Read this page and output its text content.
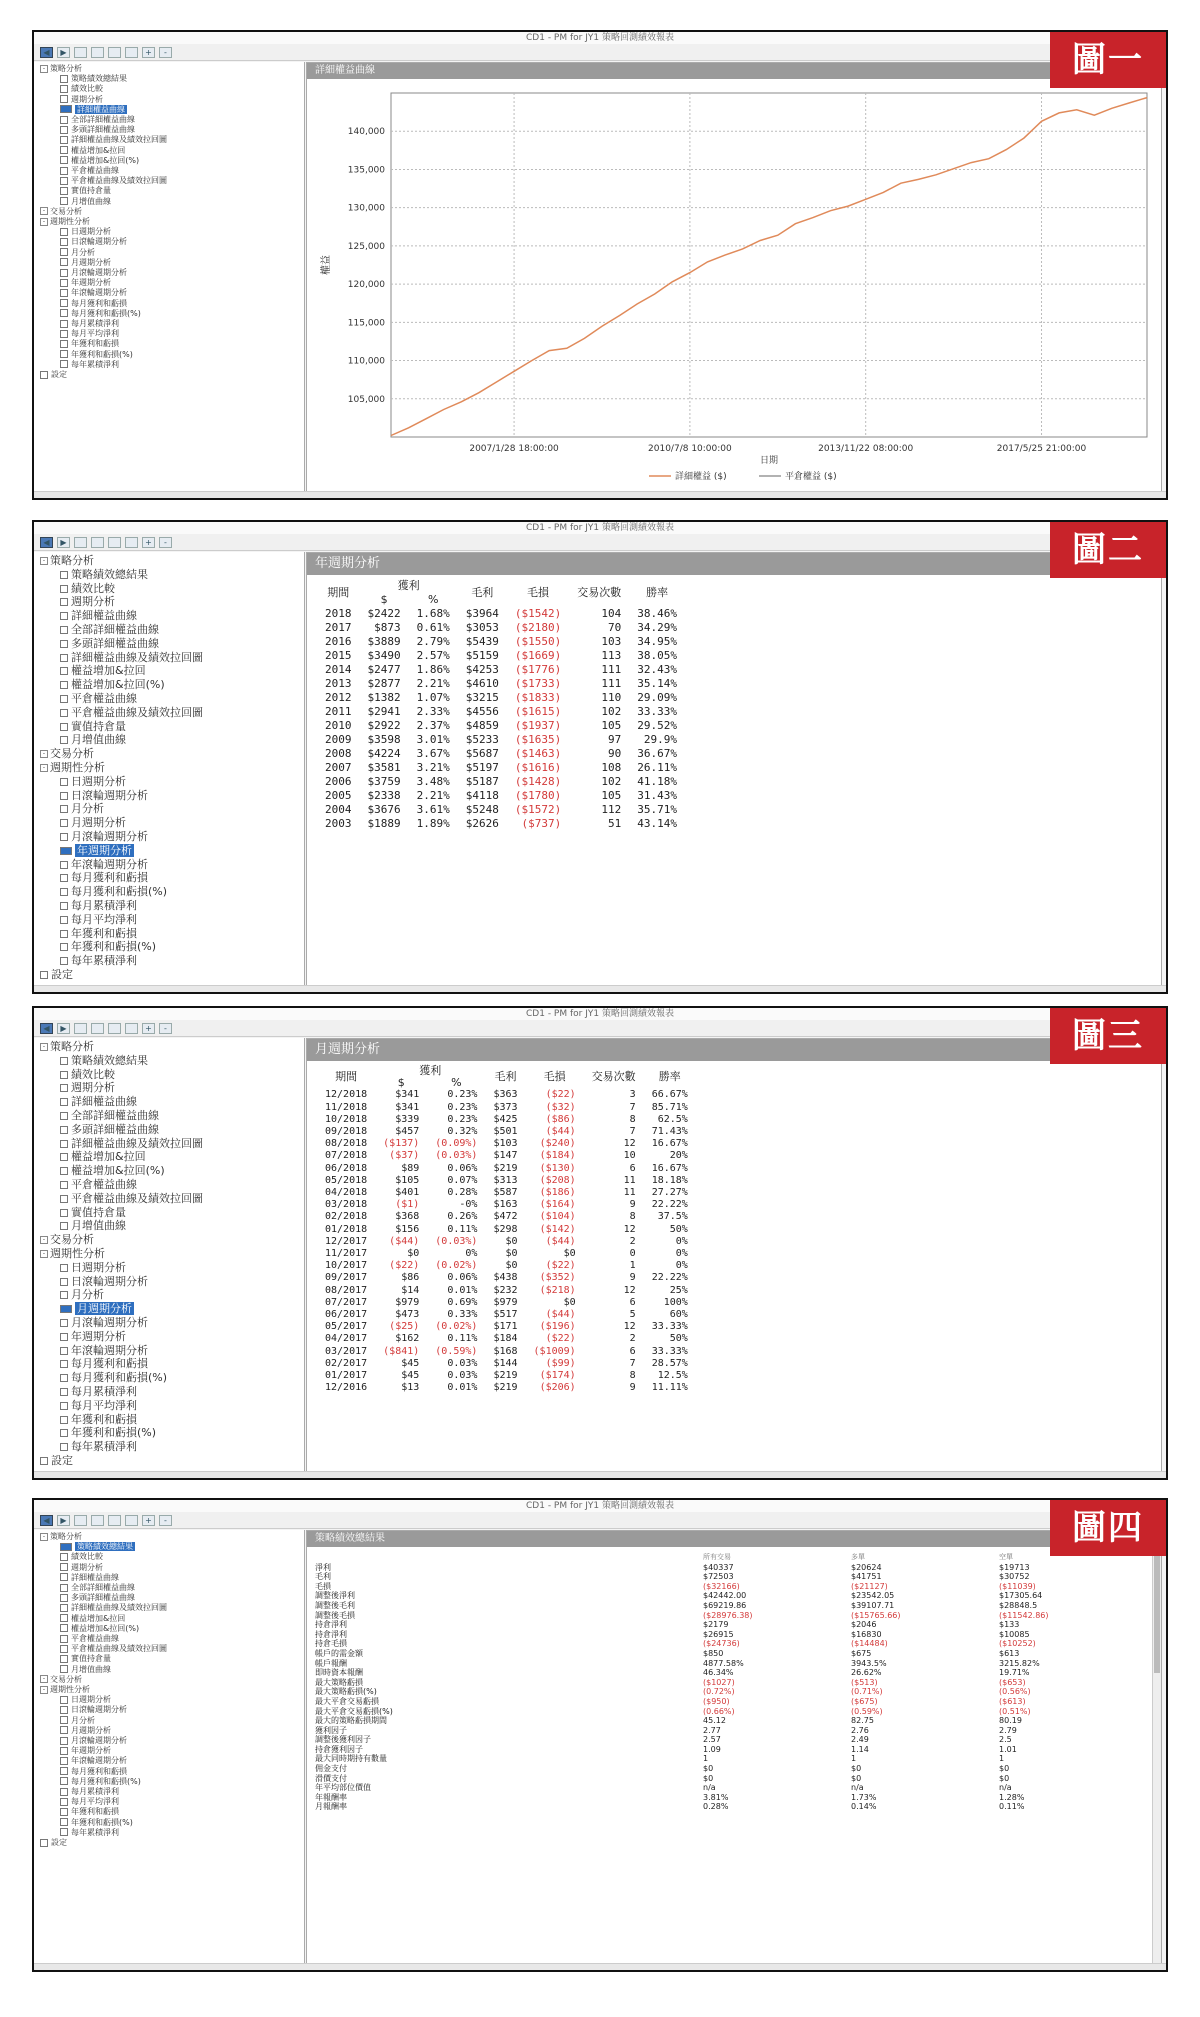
CD1 - PM for JY1 策略回測績效報表
◀	▶	+	-
- 策略分析
策略績效總結果
績效比較
週期分析
詳細權益曲線
全部詳細權益曲線
多頭詳細權益曲線
詳細權益曲線及績效拉回圖
權益增加&拉回
權益增加&拉回(%)
平倉權益曲線
平倉權益曲線及績效拉回圖
實值持倉量
月增值曲線
- 交易分析
- 週期性分析
日週期分析
日滾輪週期分析
月分析
月週期分析
月滾輪週期分析
年週期分析
年滾輪週期分析
每月獲利和虧損
每月獲利和虧損(%)
每月累積淨利
每月平均淨利
年獲利和虧損
年獲利和虧損(%)
每年累積淨利
設定
詳細權益曲線
105,000
110,000
115,000
120,000
125,000
130,000
135,000
140,000
2007/1/28 18:00:00	2010/7/8 10:00:00	2013/11/22 08:00:00	2017/5/25 21:00:00
權益
日期
詳細權益 ($)	平倉權益 ($)
圖一
CD1 - PM for JY1 策略回測績效報表
◀	▶	+	-
- 策略分析
策略績效總結果
績效比較
週期分析
詳細權益曲線
全部詳細權益曲線
多頭詳細權益曲線
詳細權益曲線及績效拉回圖
權益增加&拉回
權益增加&拉回(%)
平倉權益曲線
平倉權益曲線及績效拉回圖
實值持倉量
月增值曲線
- 交易分析
- 週期性分析
日週期分析
日滾輪週期分析
月分析
月週期分析
月滾輪週期分析
年週期分析
年滾輪週期分析
每月獲利和虧損
每月獲利和虧損(%)
每月累積淨利
每月平均淨利
年獲利和虧損
年獲利和虧損(%)
每年累積淨利
設定
年週期分析
期間	獲利		毛利	毛損	交易次數	勝率
	$	%				
2018	$2422	1.68%	$3964	($1542)	104	38.46%
2017	$873	0.61%	$3053	($2180)	70	34.29%
2016	$3889	2.79%	$5439	($1550)	103	34.95%
2015	$3490	2.57%	$5159	($1669)	113	38.05%
2014	$2477	1.86%	$4253	($1776)	111	32.43%
2013	$2877	2.21%	$4610	($1733)	111	35.14%
2012	$1382	1.07%	$3215	($1833)	110	29.09%
2011	$2941	2.33%	$4556	($1615)	102	33.33%
2010	$2922	2.37%	$4859	($1937)	105	29.52%
2009	$3598	3.01%	$5233	($1635)	97	29.9%
2008	$4224	3.67%	$5687	($1463)	90	36.67%
2007	$3581	3.21%	$5197	($1616)	108	26.11%
2006	$3759	3.48%	$5187	($1428)	102	41.18%
2005	$2338	2.21%	$4118	($1780)	105	31.43%
2004	$3676	3.61%	$5248	($1572)	112	35.71%
2003	$1889	1.89%	$2626	($737)	51	43.14%
圖二
CD1 - PM for JY1 策略回測績效報表
◀	▶	+	-
- 策略分析
策略績效總結果
績效比較
週期分析
詳細權益曲線
全部詳細權益曲線
多頭詳細權益曲線
詳細權益曲線及績效拉回圖
權益增加&拉回
權益增加&拉回(%)
平倉權益曲線
平倉權益曲線及績效拉回圖
實值持倉量
月增值曲線
- 交易分析
- 週期性分析
日週期分析
日滾輪週期分析
月分析
月週期分析
月滾輪週期分析
年週期分析
年滾輪週期分析
每月獲利和虧損
每月獲利和虧損(%)
每月累積淨利
每月平均淨利
年獲利和虧損
年獲利和虧損(%)
每年累積淨利
設定
月週期分析
期間	獲利		毛利	毛損	交易次數	勝率
	$	%				
12/2018	$341	0.23%	$363	($22)	3	66.67%
11/2018	$341	0.23%	$373	($32)	7	85.71%
10/2018	$339	0.23%	$425	($86)	8	62.5%
09/2018	$457	0.32%	$501	($44)	7	71.43%
08/2018	($137)	(0.09%)	$103	($240)	12	16.67%
07/2018	($37)	(0.03%)	$147	($184)	10	20%
06/2018	$89	0.06%	$219	($130)	6	16.67%
05/2018	$105	0.07%	$313	($208)	11	18.18%
04/2018	$401	0.28%	$587	($186)	11	27.27%
03/2018	($1)	-0%	$163	($164)	9	22.22%
02/2018	$368	0.26%	$472	($104)	8	37.5%
01/2018	$156	0.11%	$298	($142)	12	50%
12/2017	($44)	(0.03%)	$0	($44)	2	0%
11/2017	$0	0%	$0	$0	0	0%
10/2017	($22)	(0.02%)	$0	($22)	1	0%
09/2017	$86	0.06%	$438	($352)	9	22.22%
08/2017	$14	0.01%	$232	($218)	12	25%
07/2017	$979	0.69%	$979	$0	6	100%
06/2017	$473	0.33%	$517	($44)	5	60%
05/2017	($25)	(0.02%)	$171	($196)	12	33.33%
04/2017	$162	0.11%	$184	($22)	2	50%
03/2017	($841)	(0.59%)	$168	($1009)	6	33.33%
02/2017	$45	0.03%	$144	($99)	7	28.57%
01/2017	$45	0.03%	$219	($174)	8	12.5%
12/2016	$13	0.01%	$219	($206)	9	11.11%
圖三
CD1 - PM for JY1 策略回測績效報表
◀	▶	+	-
- 策略分析
策略績效總結果
績效比較
週期分析
詳細權益曲線
全部詳細權益曲線
多頭詳細權益曲線
詳細權益曲線及績效拉回圖
權益增加&拉回
權益增加&拉回(%)
平倉權益曲線
平倉權益曲線及績效拉回圖
實值持倉量
月增值曲線
- 交易分析
- 週期性分析
日週期分析
日滾輪週期分析
月分析
月週期分析
月滾輪週期分析
年週期分析
年滾輪週期分析
每月獲利和虧損
每月獲利和虧損(%)
每月累積淨利
每月平均淨利
年獲利和虧損
年獲利和虧損(%)
每年累積淨利
設定
策略績效總結果
	所有交易	多單	空單
淨利	$40337	$20624	$19713
毛利	$72503	$41751	$30752
毛損	($32166)	($21127)	($11039)
調整後淨利	$42442.00	$23542.05	$17305.64
調整後毛利	$69219.86	$39107.71	$28848.5
調整後毛損	($28976.38)	($15765.66)	($11542.86)
持倉淨利	$2179	$2046	$133
持倉淨利	$26915	$16830	$10085
持倉毛損	($24736)	($14484)	($10252)
帳戶的需金額	$850	$675	$613
帳戶報酬	4877.58%	3943.5%	3215.82%
即時資本報酬	46.34%	26.62%	19.71%
最大策略虧損	($1027)	($513)	($653)
最大策略虧損(%)	(0.72%)	(0.71%)	(0.56%)
最大平倉交易虧損	($950)	($675)	($613)
最大平倉交易虧損(%)	(0.66%)	(0.59%)	(0.51%)
最大的策略虧損期間	45.12	82.75	80.19
獲利因子	2.77	2.76	2.79
調整後獲利因子	2.57	2.49	2.5
持倉獲利因子	1.09	1.14	1.01
最大同時期持有數量	1	1	1
佣金支付	$0	$0	$0
滑價支付	$0	$0	$0
年平均部位價值	n/a	n/a	n/a
年報酬率	3.81%	1.73%	1.28%
月報酬率	0.28%	0.14%	0.11%
圖四
